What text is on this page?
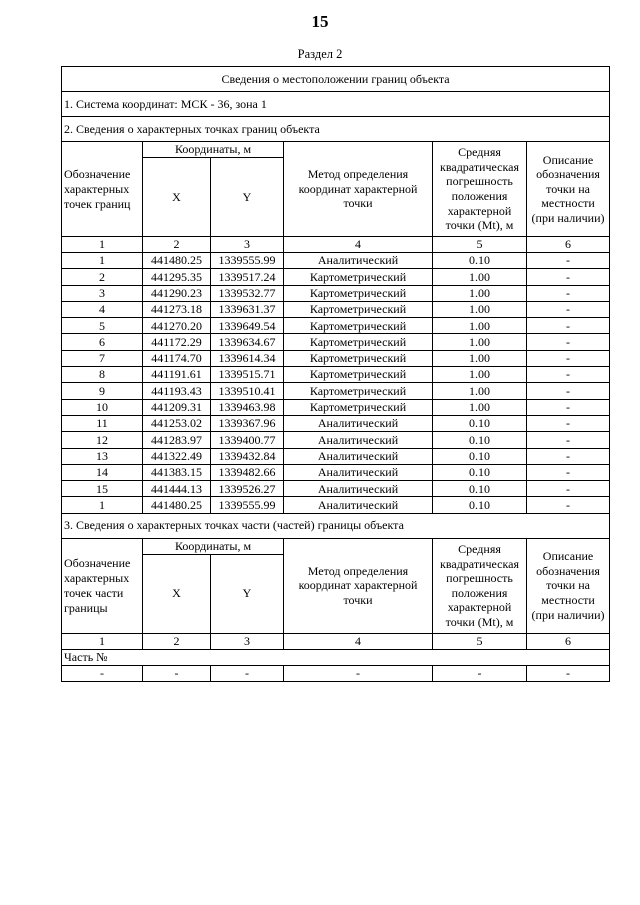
15
Раздел 2
Сведения о местоположении границ объекта					
1. Система координат: МСК - 36, зона 1					
2. Сведения о характерных точках границ объекта					
Обозначение характерных точек границ	Координаты, м		Метод определения координат характерной точки	Средняя квадратическая погрешность положения характерной точки (Mt), м	Описание обозначения точки на местности (при наличии)
	X	Y			
1	2	3	4	5	6
1	441480.25	1339555.99	Аналитический	0.10	-
2	441295.35	1339517.24	Картометрический	1.00	-
3	441290.23	1339532.77	Картометрический	1.00	-
4	441273.18	1339631.37	Картометрический	1.00	-
5	441270.20	1339649.54	Картометрический	1.00	-
6	441172.29	1339634.67	Картометрический	1.00	-
7	441174.70	1339614.34	Картометрический	1.00	-
8	441191.61	1339515.71	Картометрический	1.00	-
9	441193.43	1339510.41	Картометрический	1.00	-
10	441209.31	1339463.98	Картометрический	1.00	-
11	441253.02	1339367.96	Аналитический	0.10	-
12	441283.97	1339400.77	Аналитический	0.10	-
13	441322.49	1339432.84	Аналитический	0.10	-
14	441383.15	1339482.66	Аналитический	0.10	-
15	441444.13	1339526.27	Аналитический	0.10	-
1	441480.25	1339555.99	Аналитический	0.10	-
3. Сведения о характерных точках части (частей) границы объекта					

Обозначение характерных точек части границы	Координаты, м		Метод определения координат характерной точки	Средняя квадратическая погрешность положения характерной точки (Mt), м	Описание обозначения точки на местности (при наличии)
	X	Y			
1	2	3	4	5	6
Часть №					
-	-	-	-	-	-
